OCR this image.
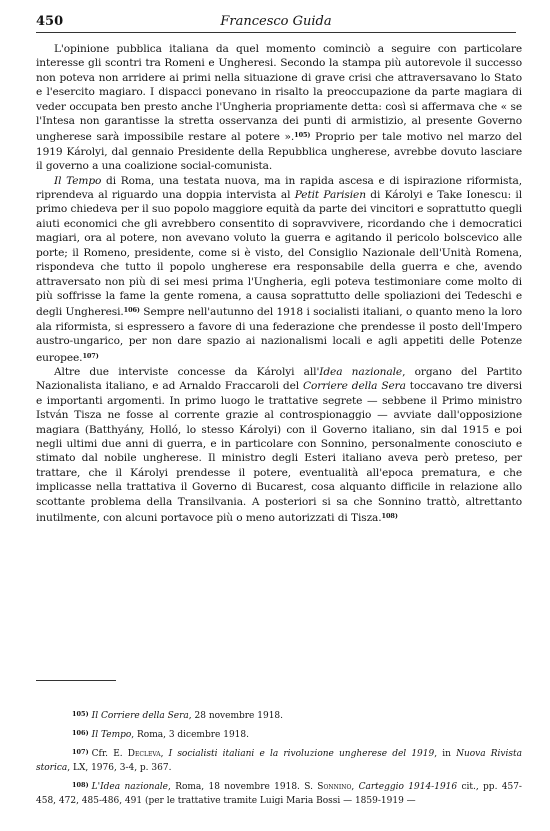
450	Francesco Guida

L'opinione pubblica italiana da quel momento cominciò a seguire con particolare interesse gli scontri tra Romeni e Ungheresi. Secondo la stampa più autorevole il successo non poteva non arridere ai primi nella situazione di grave crisi che attraversavano lo Stato e l'esercito magiaro. I dispacci ponevano in risalto la preoccupazione da parte magiara di veder occupata ben presto anche l'Ungheria propriamente detta: così si affermava che « se l'Intesa non garantisse la stretta osservanza dei punti di armistizio, al presente Governo ungherese sarà impossibile restare al potere ».$^{105)}$ Proprio per tale motivo nel marzo del 1919 Károlyi, dal gennaio Presidente della Repubblica ungherese, avrebbe dovuto lasciare il governo a una coalizione social-comunista.

Il Tempo di Roma, una testata nuova, ma in rapida ascesa e di ispirazione riformista, riprendeva al riguardo una doppia intervista al Petit Parisien di Károlyi e Take Ionescu: il primo chiedeva per il suo popolo maggiore equità da parte dei vincitori e soprattutto quegli aiuti economici che gli avrebbero consentito di sopravvivere, ricordando che i democratici magiari, ora al potere, non avevano voluto la guerra e agitando il pericolo bolscevico alle porte; il Romeno, presidente, come si è visto, del Consiglio Nazionale dell'Unità Romena, rispondeva che tutto il popolo ungherese era responsabile della guerra e che, avendo attraversato non più di sei mesi prima l'Ungheria, egli poteva testimoniare come molto di più soffrisse la fame la gente romena, a causa soprattutto delle spoliazioni dei Tedeschi e degli Ungheresi.$^{106)}$ Sempre nell'autunno del 1918 i socialisti italiani, o quanto meno la loro ala riformista, si espressero a favore di una federazione che prendesse il posto dell'Impero austro-ungarico, per non dare spazio ai nazionalismi locali e agli appetiti delle Potenze europee.$^{107)}$

Altre due interviste concesse da Károlyi all'Idea nazionale, organo del Partito Nazionalista italiano, e ad Arnaldo Fraccaroli del Corriere della Sera toccavano tre diversi e importanti argomenti. In primo luogo le trattative segrete — sebbene il Primo ministro István Tisza ne fosse al corrente grazie al controspionaggio — avviate dall'opposizione magiara (Batthyány, Holló, lo stesso Károlyi) con il Governo italiano, sin dal 1915 e poi negli ultimi due anni di guerra, e in particolare con Sonnino, personalmente conosciuto e stimato dal nobile ungherese. Il ministro degli Esteri italiano aveva però preteso, per trattare, che il Károlyi prendesse il potere, eventualità all'epoca prematura, e che implicasse nella trattativa il Governo di Bucarest, cosa alquanto difficile in relazione allo scottante problema della Transilvania. A posteriori si sa che Sonnino trattò, altrettanto inutilmente, con alcuni portavoce più o meno autorizzati di Tisza.$^{108)}$

$^{105)}$ Il Corriere della Sera, 28 novembre 1918.

$^{106)}$ Il Tempo, Roma, 3 dicembre 1918.

$^{107)}$ Cfr. E. Decleva, I socialisti italiani e la rivoluzione ungherese del 1919, in Nuova Rivista storica, LX, 1976, 3-4, p. 367.

$^{108)}$ L'Idea nazionale, Roma, 18 novembre 1918. S. Sonnino, Carteggio 1914-1916 cit., pp. 457-458, 472, 485-486, 491 (per le trattative tramite Luigi Maria Bossi — 1859-1919 —
